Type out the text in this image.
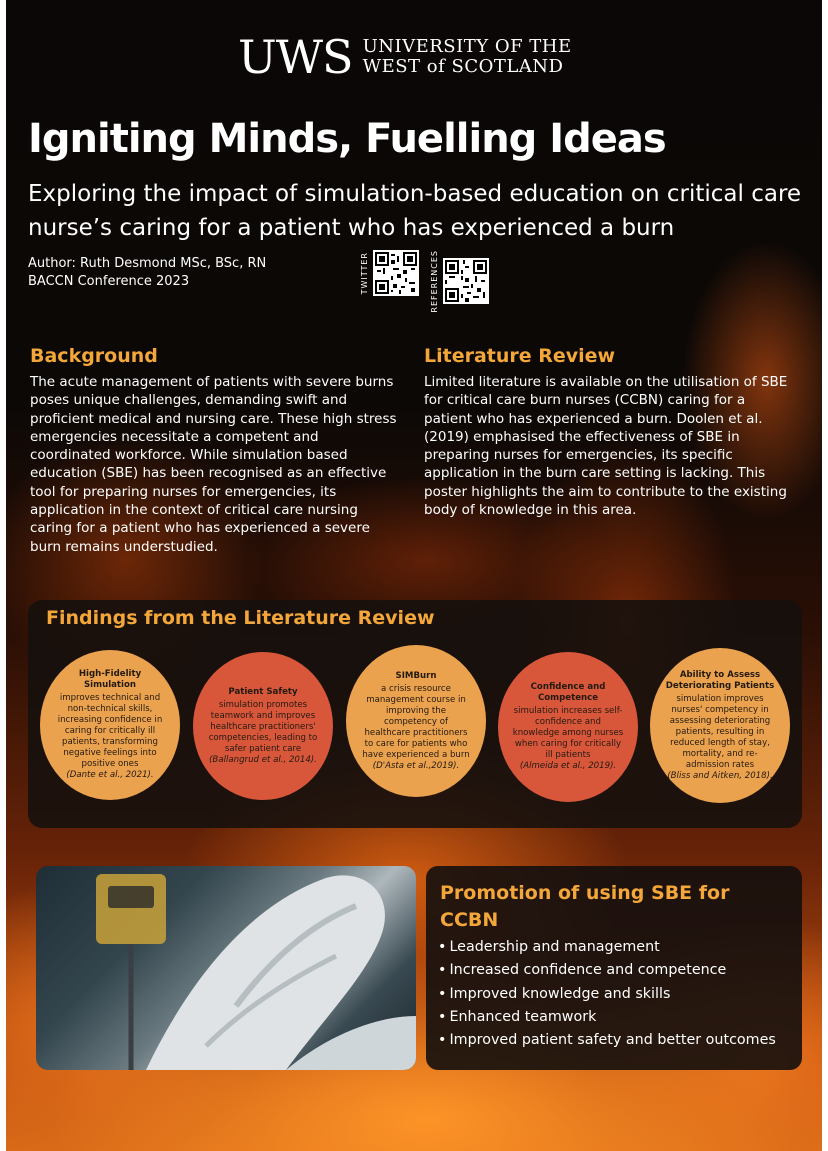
UWS UNIVERSITY OF THE
WEST of SCOTLAND
Igniting Minds, Fuelling Ideas
Exploring the impact of simulation-based education on critical care nurse’s caring for a patient who has experienced a burn
Author: Ruth Desmond MSc, BSc, RN
BACCN Conference 2023	TWITTER	REFERENCES
Background

The acute management of patients with severe burns poses unique challenges, demanding swift and proficient medical and nursing care. These high stress emergencies necessitate a competent and coordinated workforce. While simulation based education (SBE) has been recognised as an effective tool for preparing nurses for emergencies, its application in the context of critical care nursing caring for a patient who has experienced a severe burn remains understudied.

Literature Review

Limited literature is available on the utilisation of SBE for critical care burn nurses (CCBN) caring for a patient who has experienced a burn. Doolen et al. (2019) emphasised the effectiveness of SBE in preparing nurses for emergencies, its specific application in the burn care setting is lacking. This poster highlights the aim to contribute to the existing body of knowledge in this area.

Findings from the Literature Review
High-Fidelity Simulation
improves technical and non-technical skills, increasing confidence in caring for critically ill patients, transforming negative feelings into positive ones
(Dante et al., 2021).
Patient Safety
simulation promotes teamwork and improves healthcare practitioners' competencies, leading to safer patient care
(Ballangrud et al., 2014).
SIMBurn
a crisis resource management course in improving the competency of healthcare practitioners to care for patients who have experienced a burn
(D'Asta et al.,2019).
Confidence and Competence
simulation increases self-confidence and knowledge among nurses when caring for critically ill patients
(Almeida et al., 2019).
Ability to Assess Deteriorating Patients
simulation improves nurses' competency in assessing deteriorating patients, resulting in reduced length of stay, mortality, and re-admission rates
(Bliss and Aitken, 2018).
Promotion of using SBE for CCBN
• Leadership and management
• Increased confidence and competence
• Improved knowledge and skills
• Enhanced teamwork
• Improved patient safety and better outcomes
